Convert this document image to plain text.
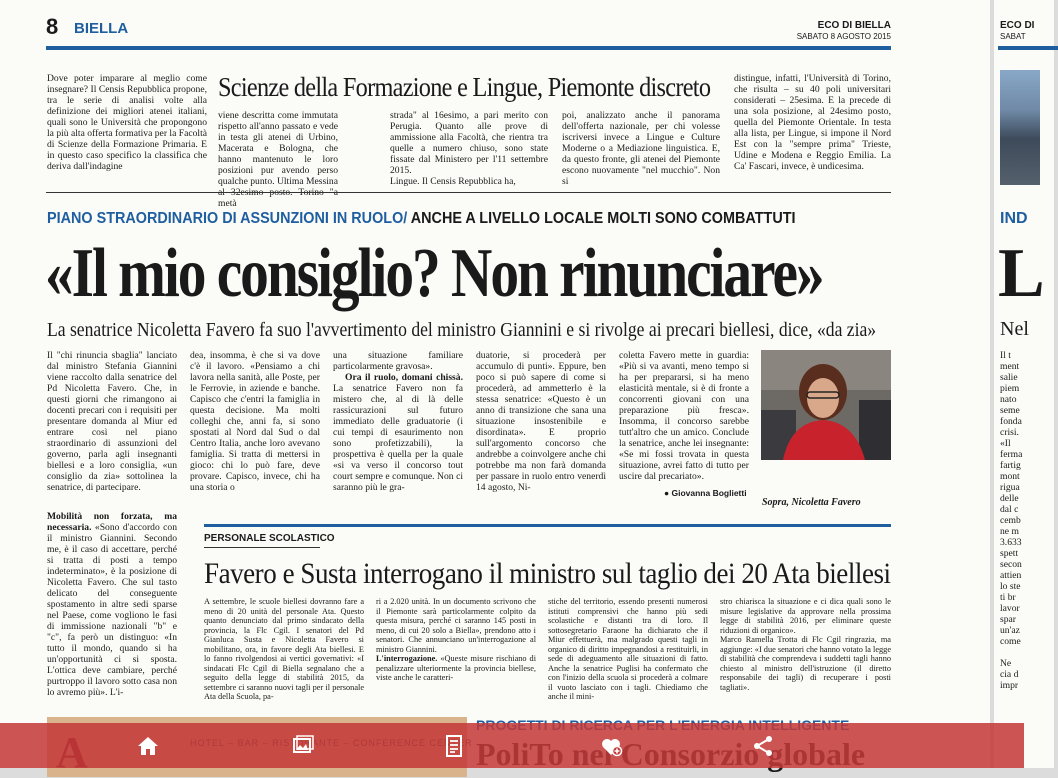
8 BIELLA	ECO DI BIELLA
SABATO 8 AGOSTO 2015
Dove poter imparare al meglio come insegnare? Il Censis Repubblica propone, tra le serie di analisi volte alla definizione dei migliori atenei italiani, quali sono le Università che propongono la più alta offerta formativa per la Facoltà di Scienze della Formazione Primaria. E in questo caso specifico la classifica che deriva dall'indagine
Scienze della Formazione e Lingue, Piemonte discreto
viene descritta come immutata rispetto all'anno passato e vede in testa gli atenei di Urbino, Macerata e Bologna, che hanno mantenuto le loro posizioni pur avendo perso qualche punto. Ultima Messina metà
strada" al 16esimo, a pari merito con Perugia. Quanto alle prove di ammissione alla Facoltà, che rientra tra quelle a numero chiuso, sono state fissate dal Ministero per l'11 settembre 2015.
Lingue. Il Censis Repubblica ha,
poi, analizzato anche il panorama dell'offerta nazionale, per chi volesse iscriversi invece a Lingue e Culture Moderne o a Mediazione linguistica. E, da questo fronte, gli atenei del Piemonte escono nuovamente "nel mucchio". Non si
distingue, infatti, l'Università di Torino, che risulta – su 40 poli universitari considerati – 25esima. E la precede di una sola posizione, al 24esimo posto, quella del Piemonte Orientale. In testa alla lista, per Lingue, si impone il Nord Est con la "sempre prima" Trieste, Udine e Modena e Reggio Emilia. La Ca' Fascari, invece, è undicesima.
PIANO STRAORDINARIO DI ASSUNZIONI IN RUOLO/ ANCHE A LIVELLO LOCALE MOLTI SONO COMBATTUTI
«Il mio consiglio? Non rinunciare»
La senatrice Nicoletta Favero fa suo l'avvertimento del ministro Giannini e si rivolge ai precari biellesi, dice, «da zia»
Il "chi rinuncia sbaglia" lanciato dal ministro Stefania Giannini viene raccolto dalla senatrice del Pd Nicoletta Favero. Che, in questi giorni che rimangono ai docenti precari con i requisiti per presentare domanda al Miur ed entrare così nel piano straordinario di assunzioni del governo, parla agli insegnanti biellesi e a loro consiglia, «un consiglio da zia» sottolinea la senatrice, di partecipare.
Mobilità non forzata, ma necessaria. «Sono d'accordo con il ministro Giannini. Secondo me, è il caso di accettare, perché si tratta di posti a tempo indeterminato», è la posizione di Nicoletta Favero. Che sul tasto delicato del conseguente spostamento in altre sedi sparse nel Paese, come vogliono le fasi di immissione nazionali "b" e "c", fa però un distinguo: «In tutto il mondo, quando si ha un'opportunità ci si sposta. L'ottica deve cambiare, perché purtroppo il lavoro sotto casa non lo avremo più». L'i-
dea, insomma, è che si va dove c'è il lavoro. «Pensiamo a chi lavora nella sanità, alle Poste, per le Ferrovie, in aziende e banche. Capisco che c'entri la famiglia in questa decisione. Ma molti colleghi che, anni fa, si sono spostati al Nord dal Sud o dal Centro Italia, anche loro avevano famiglia. Si tratta di mettersi in gioco: chi lo può fare, deve provare. Capisco, invece, chi ha una storia o
una situazione familiare particolarmente gravosa».
Ora il ruolo, domani chissà. La senatrice Favero non fa mistero che, al di là delle rassicurazioni sul futuro immediato delle graduatorie (i cui tempi di esaurimento non sono profetizzabili), la prospettiva è quella per la quale «si va verso il concorso tout court sempre e comunque. Non ci saranno più le gra-
duatorie, si procederà per accumulo di punti». Eppure, ben poco si può sapere di come si procederà, ad ammetterlo è la stessa senatrice: «Questo è un anno di transizione che sana una situazione insostenibile e disordinata». E proprio sull'argomento concorso che andrebbe a coinvolgere anche chi potrebbe ma non farà domanda per passare in ruolo entro venerdì 14 agosto, Ni-
coletta Favero mette in guardia: «Più si va avanti, meno tempo si ha per prepararsi, si ha meno elasticità mentale, si è di fronte a concorrenti giovani con una preparazione più fresca». Insomma, il concorso sarebbe tutt'altro che un amico. Conclude la senatrice, anche lei insegnante: «Se mi fossi trovata in questa situazione, avrei fatto di tutto per uscire dal precariato».
● Giovanna Boglietti
Sopra, Nicoletta Favero
PERSONALE SCOLASTICO
Favero e Susta interrogano il ministro sul taglio dei 20 Ata biellesi
A settembre, le scuole biellesi dovranno fare a meno di 20 unità del personale Ata. Questo quanto denunciato dal primo sindacato della provincia, la Flc Cgil. I senatori del Pd Gianluca Susta e Nicoletta Favero si mobilitano, ora, in favore degli Ata biellesi. E lo fanno rivolgendosi ai vertici governativi: «I sindacati Flc Cgil di Biella segnalano che a seguito della legge di stabilità 2015, da settembre ci saranno nuovi tagli per il personale Ata della Scuola, pa-
ri a 2.020 unità. In un documento scrivono che il Piemonte sarà particolarmente colpito da questa misura, perché ci saranno 145 posti in meno, di cui 20 solo a Biella», prendono atto i senatori. Che annunciano un'interrogazione al ministro Giannini.
L'interrogazione. «Queste misure rischiano di penalizzare ulteriormente la provincia biellese, viste anche le caratteri-
stiche del territorio, essendo presenti numerosi istituti comprensivi che hanno più sedi scolastiche e distanti tra di loro. Il sottosegretario Faraone ha dichiarato che il Miur effettuerà, ma malgrado questi tagli in organico di diritto impegnandosi a restituirli, in sede di adeguamento alle situazioni di fatto. Anche la senatrice Puglisi ha confermato che con l'inizio della scuola si procederà a colmare il vuoto lasciato con i tagli. Chiediamo che anche il mini-
stro chiarisca la situazione e ci dica quali sono le misure legislative da approvare nella prossima legge di stabilità 2016, per eliminare queste riduzioni di organico».
Marco Ramella Trotta di Flc Cgil ringrazia, ma aggiunge: «I due senatori che hanno votato la legge di stabilità che comprendeva i suddetti tagli hanno chiesto al ministro dell'istruzione (il diretto responsabile dei tagli) di recuperare i posti tagliati».
ECO DI
SABAT
IND
L
Nel
Il t
ment
salie
piem
nato
seme
fonda
crisi.
«Il
ferma
fartig
mont
rigua
delle
dal c
cemb
ne m
3.633
spett
secon
attien
lo ste
ti br
lavor
spar
un'az
come

Ne
cia d
impr
